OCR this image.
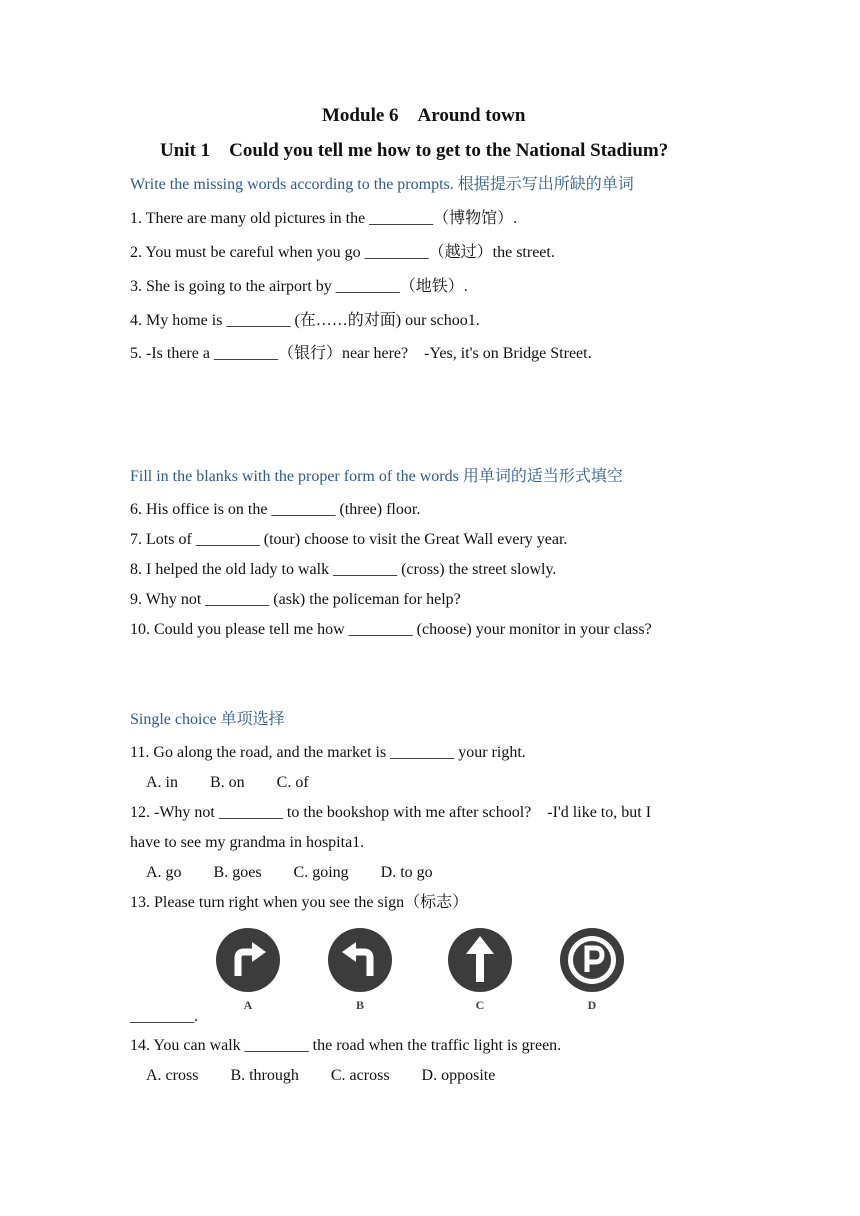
Module 6    Around town
Unit 1    Could you tell me how to get to the National Stadium?
Write the missing words according to the prompts. 根据提示写出所缺的单词
1. There are many old pictures in the ________（博物馆）.
2. You must be careful when you go ________（越过）the street.
3. She is going to the airport by ________（地铁）.
4. My home is ________ (在……的对面) our schoo1.
5. -Is there a ________（银行）near here?    -Yes, it's on Bridge Street.
Fill in the blanks with the proper form of the words 用单词的适当形式填空
6. His office is on the ________ (three) floor.
7. Lots of ________ (tour) choose to visit the Great Wall every year.
8. I helped the old lady to walk ________ (cross) the street slowly.
9. Why not ________ (ask) the policeman for help?
10. Could you please tell me how ________ (choose) your monitor in your class?
Single choice 单项选择
11. Go along the road, and the market is ________ your right.
A. in        B. on        C. of
12. -Why not ________ to the bookshop with me after school?    -I'd like to, but I
have to see my grandma in hospita1.
A. go        B. goes        C. going        D. to go
13. Please turn right when you see the sign（标志）
A	B	C	D
________.
14. You can walk ________ the road when the traffic light is green.
A. cross        B. through        C. across        D. opposite
